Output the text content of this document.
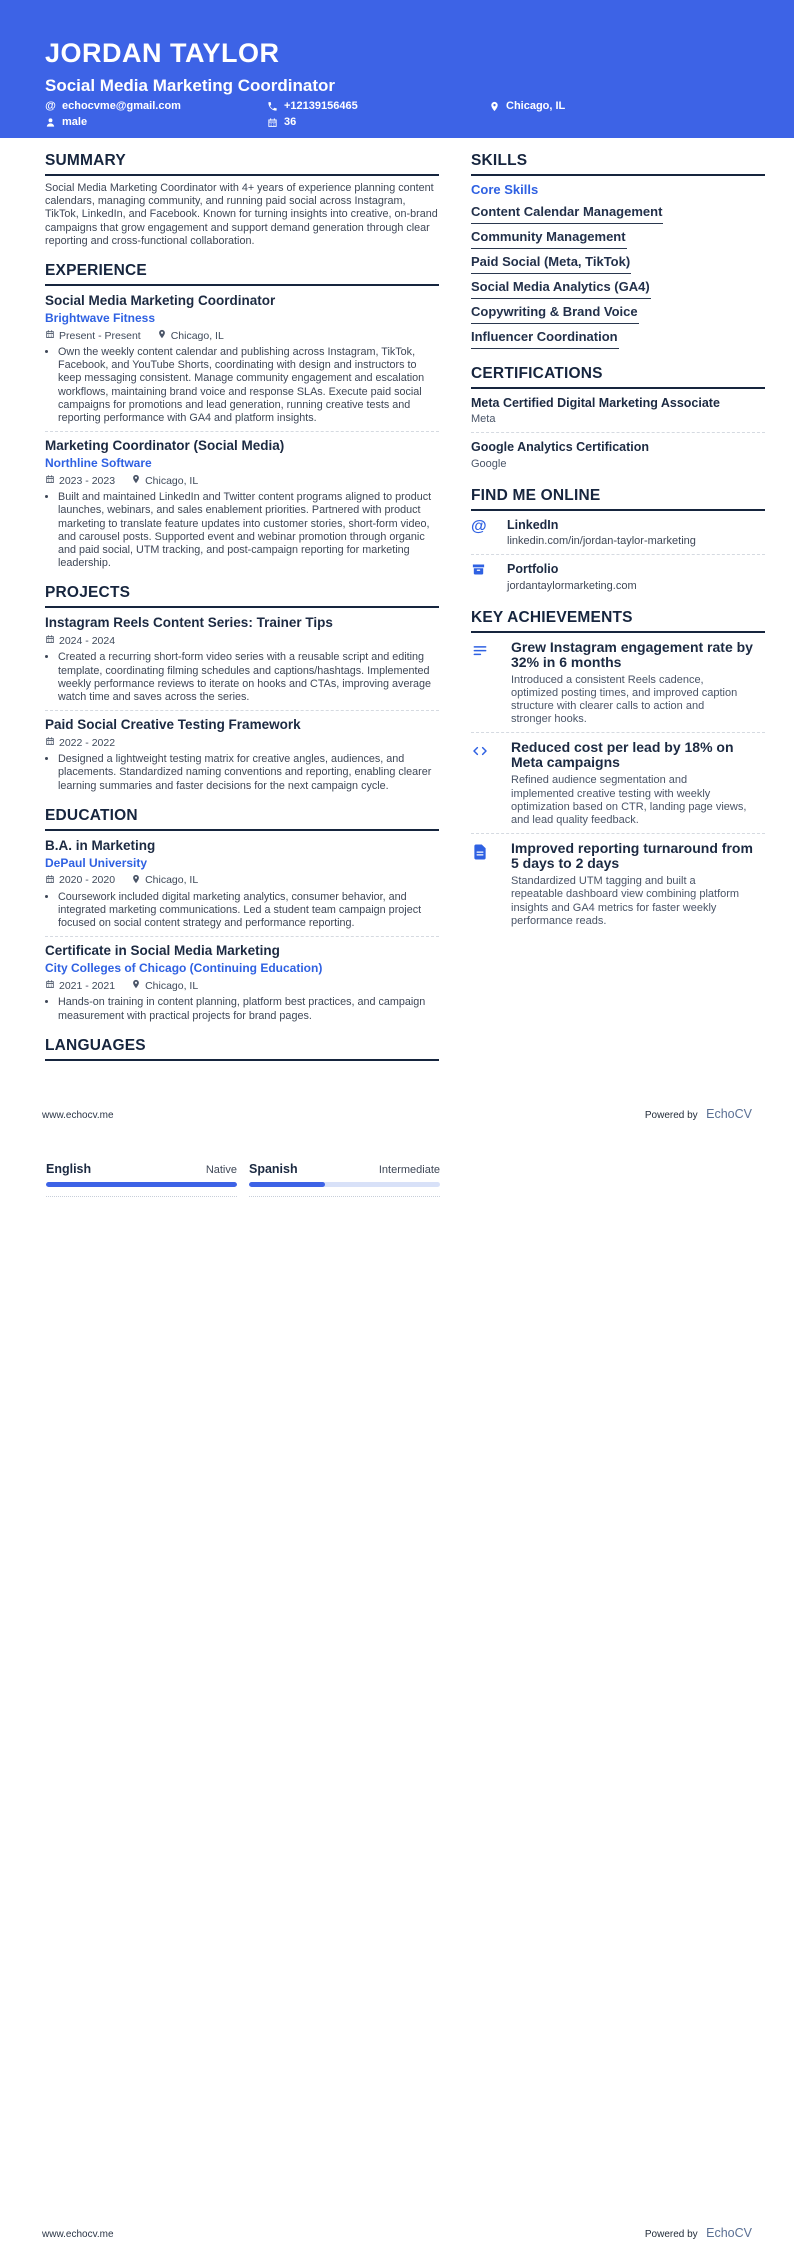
JORDAN TAYLOR
Social Media Marketing Coordinator
@ echocvme@gmail.com	+12139156465	Chicago, IL
male	36
SUMMARY

Social Media Marketing Coordinator with 4+ years of experience planning content calendars, managing community, and running paid social across Instagram, TikTok, LinkedIn, and Facebook. Known for turning insights into creative, on-brand campaigns that grow engagement and support demand generation through clear reporting and cross-functional collaboration.

EXPERIENCE
Social Media Marketing Coordinator
Brightwave Fitness
Present - Present	Chicago, IL
• Own the weekly content calendar and publishing across Instagram, TikTok, Facebook, and YouTube Shorts, coordinating with design and instructors to keep messaging consistent. Manage community engagement and escalation workflows, maintaining brand voice and response SLAs. Execute paid social campaigns for promotions and lead generation, running creative tests and reporting performance with GA4 and platform insights.
Marketing Coordinator (Social Media)
Northline Software
2023 - 2023	Chicago, IL
• Built and maintained LinkedIn and Twitter content programs aligned to product launches, webinars, and sales enablement priorities. Partnered with product marketing to translate feature updates into customer stories, short-form video, and carousel posts. Supported event and webinar promotion through organic and paid social, UTM tracking, and post-campaign reporting for marketing leadership.
PROJECTS
Instagram Reels Content Series: Trainer Tips
2024 - 2024
• Created a recurring short-form video series with a reusable script and editing template, coordinating filming schedules and captions/hashtags. Implemented weekly performance reviews to iterate on hooks and CTAs, improving average watch time and saves across the series.
Paid Social Creative Testing Framework
2022 - 2022
• Designed a lightweight testing matrix for creative angles, audiences, and placements. Standardized naming conventions and reporting, enabling clearer learning summaries and faster decisions for the next campaign cycle.
EDUCATION
B.A. in Marketing
DePaul University
2020 - 2020	Chicago, IL
• Coursework included digital marketing analytics, consumer behavior, and integrated marketing communications. Led a student team campaign project focused on social content strategy and performance reporting.
Certificate in Social Media Marketing
City Colleges of Chicago (Continuing Education)
2021 - 2021	Chicago, IL
• Hands-on training in content planning, platform best practices, and campaign measurement with practical projects for brand pages.
LANGUAGES
SKILLS
Core Skills
Content Calendar Management
Community Management
Paid Social (Meta, TikTok)
Social Media Analytics (GA4)
Copywriting & Brand Voice
Influencer Coordination
CERTIFICATIONS
Meta Certified Digital Marketing Associate
Meta
Google Analytics Certification
Google
FIND ME ONLINE
@	LinkedIn
linkedin.com/in/jordan-taylor-marketing
Portfolio
jordantaylormarketing.com
KEY ACHIEVEMENTS
Grew Instagram engagement rate by 32% in 6 months
Introduced a consistent Reels cadence, optimized posting times, and improved caption structure with clearer calls to action and stronger hooks.
Reduced cost per lead by 18% on Meta campaigns
Refined audience segmentation and implemented creative testing with weekly optimization based on CTR, landing page views, and lead quality feedback.
Improved reporting turnaround from 5 days to 2 days
Standardized UTM tagging and built a repeatable dashboard view combining platform insights and GA4 metrics for faster weekly performance reads.
www.echocv.me	Powered by EchoCV
English	Native Spanish	Intermediate
www.echocv.me	Powered by EchoCV
